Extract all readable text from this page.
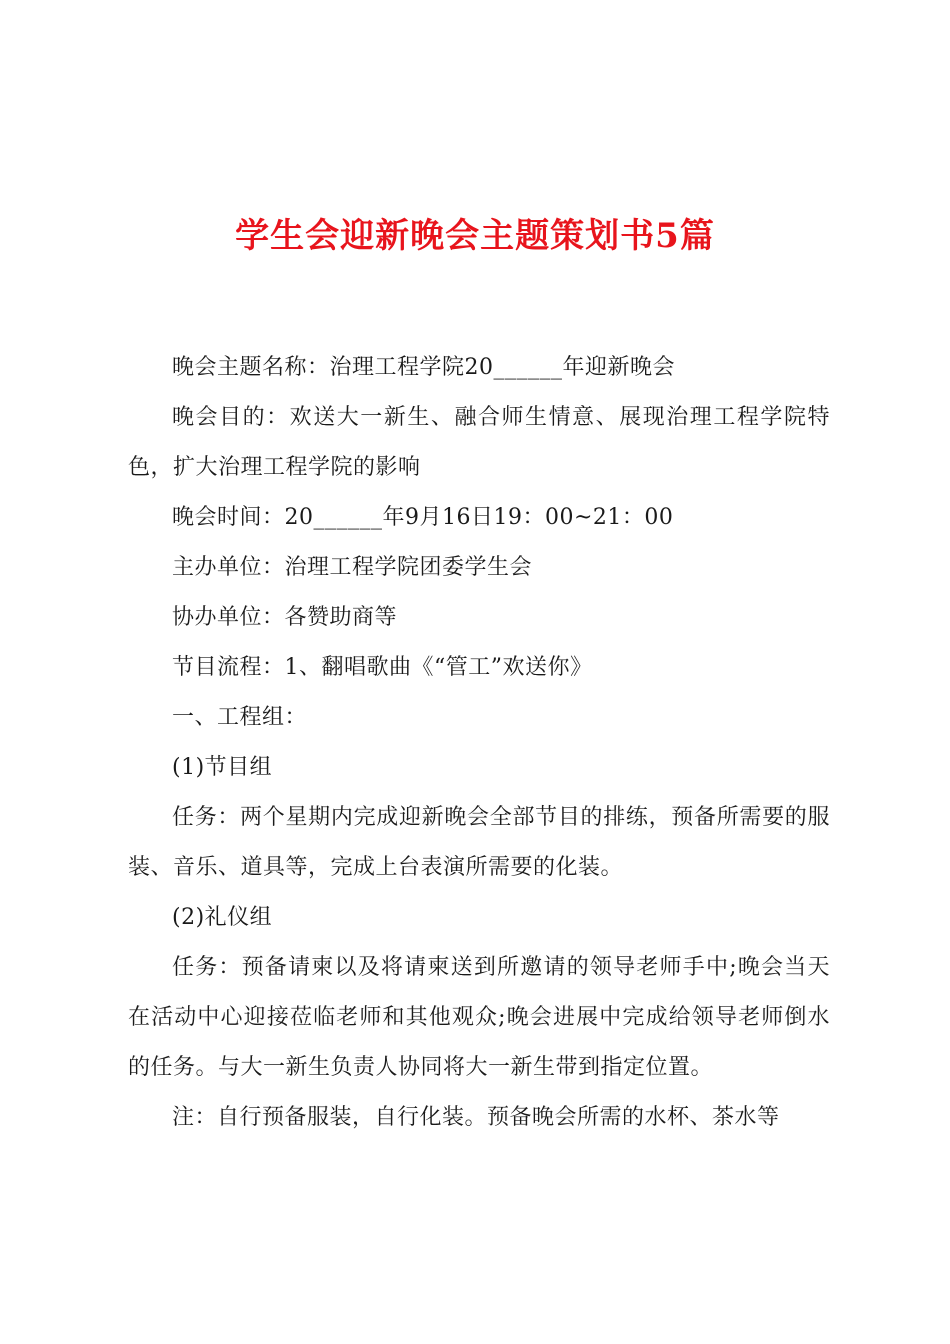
学生会迎新晚会主题策划书5篇

晚会主题名称：治理工程学院20______年迎新晚会

晚会目的：欢送大一新生、融合师生情意、展现治理工程学院特色，扩大治理工程学院的影响

晚会时间：20______年9月16日19：00~21：00

主办单位：治理工程学院团委学生会

协办单位：各赞助商等

节目流程：1、翻唱歌曲《“管工”欢送你》

一、工程组：

(1)节目组

任务：两个星期内完成迎新晚会全部节目的排练，预备所需要的服装、音乐、道具等，完成上台表演所需要的化装。

(2)礼仪组

任务：预备请柬以及将请柬送到所邀请的领导老师手中;晚会当天在活动中心迎接莅临老师和其他观众;晚会进展中完成给领导老师倒水的任务。与大一新生负责人协同将大一新生带到指定位置。

注：自行预备服装，自行化装。预备晚会所需的水杯、茶水等
